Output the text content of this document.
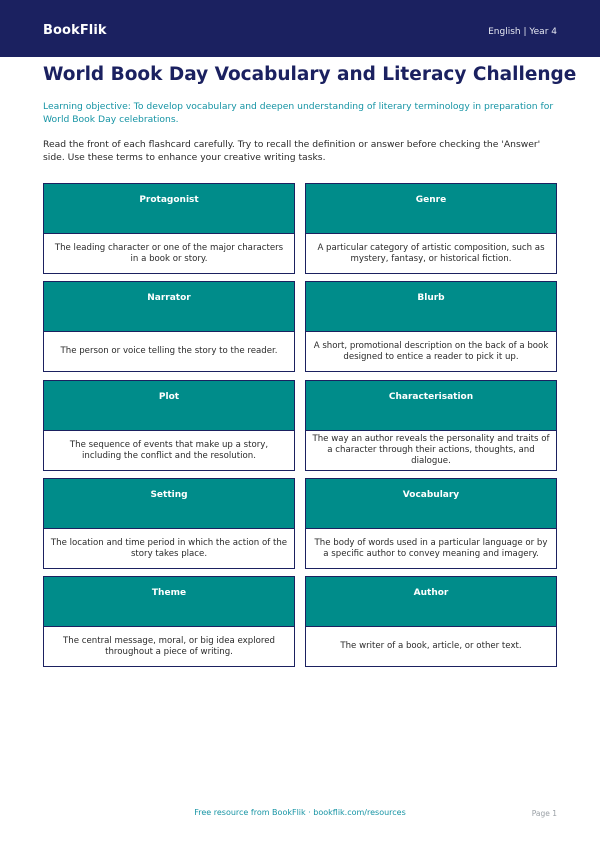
BookFlik	English | Year 4
World Book Day Vocabulary and Literacy Challenge
Learning objective: To develop vocabulary and deepen understanding of literary terminology in preparation for World Book Day celebrations.
Read the front of each flashcard carefully. Try to recall the definition or answer before checking the 'Answer' side. Use these terms to enhance your creative writing tasks.
Protagonist
The leading character or one of the major characters in a book or story.
Genre
A particular category of artistic composition, such as mystery, fantasy, or historical fiction.
Narrator
The person or voice telling the story to the reader.
Blurb
A short, promotional description on the back of a book designed to entice a reader to pick it up.
Plot
The sequence of events that make up a story, including the conflict and the resolution.
Characterisation
The way an author reveals the personality and traits of a character through their actions, thoughts, and dialogue.
Setting
The location and time period in which the action of the story takes place.
Vocabulary
The body of words used in a particular language or by a specific author to convey meaning and imagery.
Theme
The central message, moral, or big idea explored throughout a piece of writing.
Author
The writer of a book, article, or other text.
Free resource from BookFlik · bookflik.com/resources	Page 1
